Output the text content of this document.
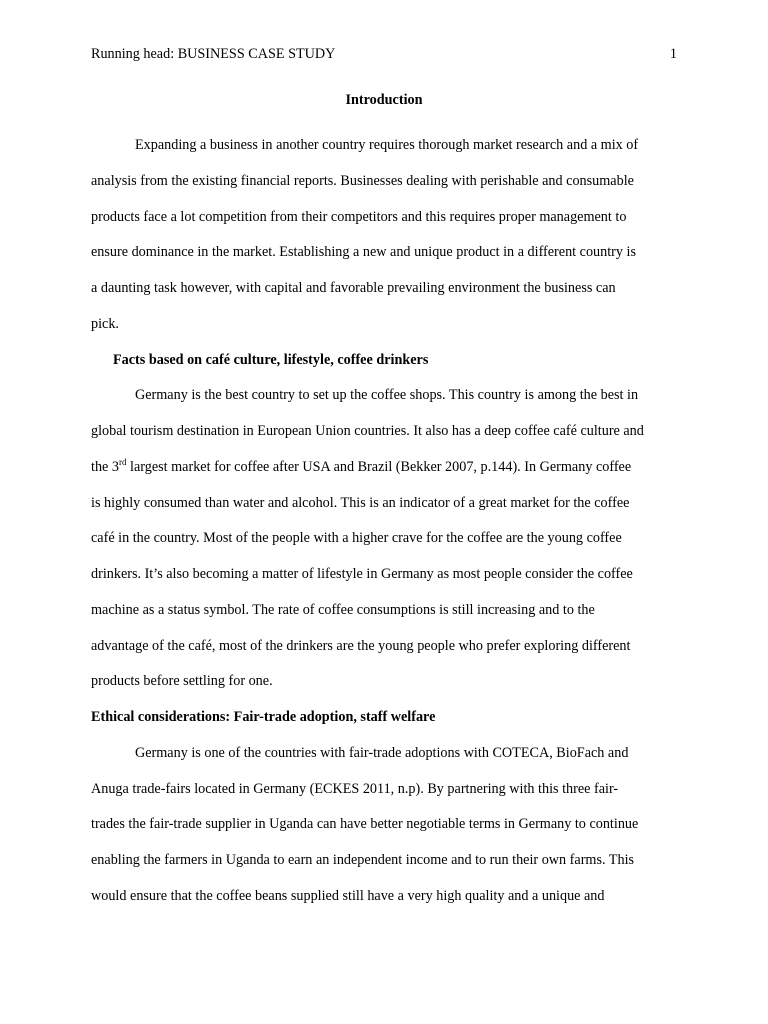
Running head: BUSINESS CASE STUDY	1
Introduction
Expanding a business in another country requires thorough market research and a mix of
analysis from the existing financial reports. Businesses dealing with perishable and consumable
products face a lot competition from their competitors and this requires proper management to
ensure dominance in the market. Establishing a new and unique product in a different country is
a daunting task however, with capital and favorable prevailing environment the business can
pick.
Facts based on café culture, lifestyle, coffee drinkers
Germany is the best country to set up the coffee shops. This country is among the best in
global tourism destination in European Union countries. It also has a deep coffee café culture and
the 3rd largest market for coffee after USA and Brazil (Bekker 2007, p.144). In Germany coffee
is highly consumed than water and alcohol. This is an indicator of a great market for the coffee
café in the country. Most of the people with a higher crave for the coffee are the young coffee
drinkers. It’s also becoming a matter of lifestyle in Germany as most people consider the coffee
machine as a status symbol. The rate of coffee consumptions is still increasing and to the
advantage of the café, most of the drinkers are the young people who prefer exploring different
products before settling for one.
Ethical considerations: Fair-trade adoption, staff welfare
Germany is one of the countries with fair-trade adoptions with COTECA, BioFach and
Anuga trade-fairs located in Germany (ECKES 2011, n.p). By partnering with this three fair-
trades the fair-trade supplier in Uganda can have better negotiable terms in Germany to continue
enabling the farmers in Uganda to earn an independent income and to run their own farms. This
would ensure that the coffee beans supplied still have a very high quality and a unique and
